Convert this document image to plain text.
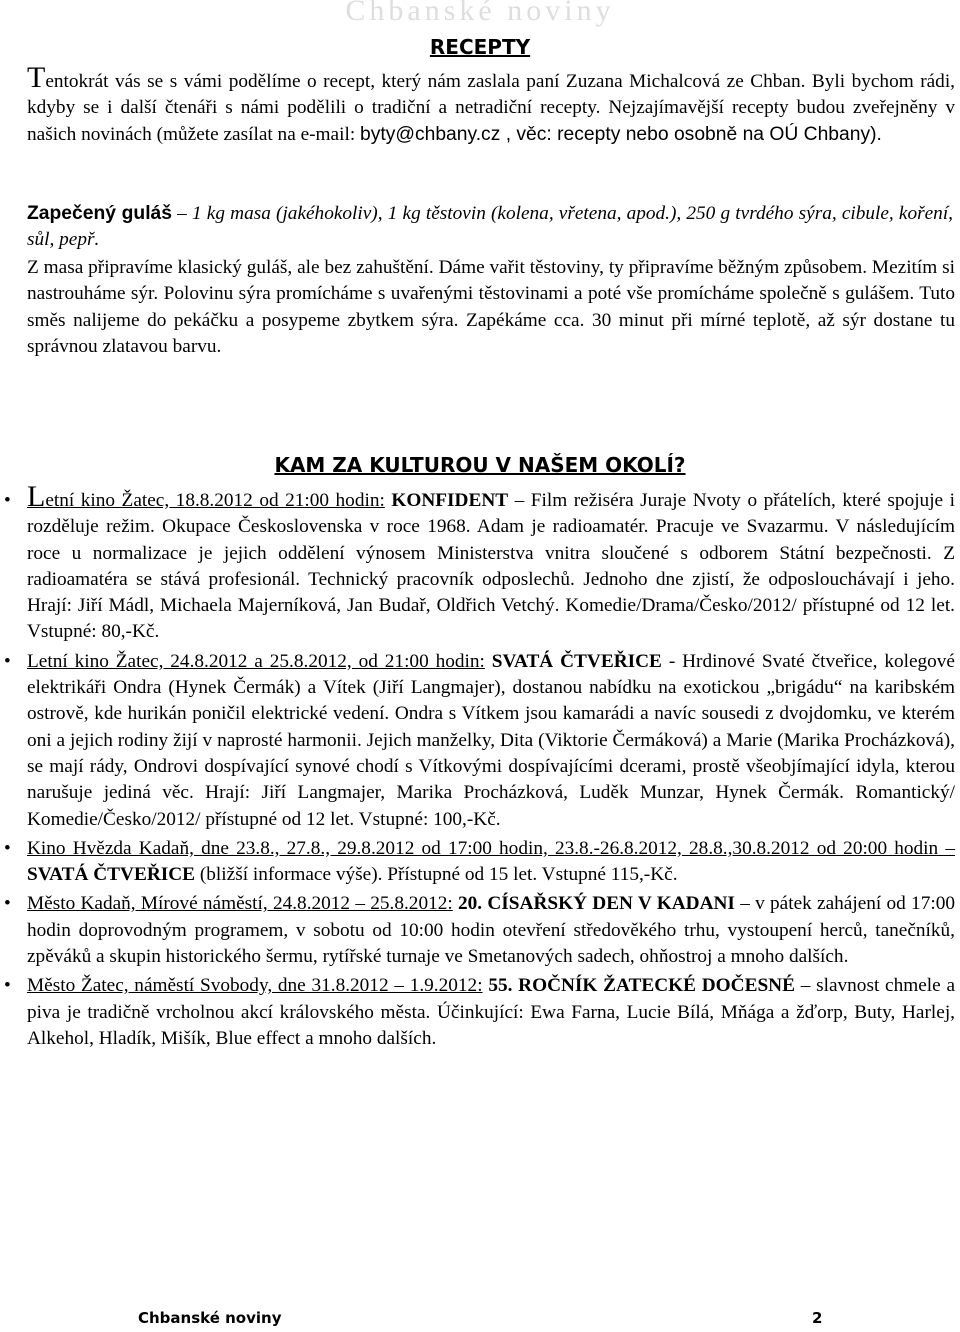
Chbanské noviny
RECEPTY

Tentokrát vás se s vámi podělíme o recept, který nám zaslala paní Zuzana Michalcová ze Chban. Byli bychom rádi, kdyby se i další čtenáři s námi podělili o tradiční a netradiční recepty. Nejzajímavější recepty budou zveřejněny v našich novinách (můžete zasílat na e-mail: byty@chbany.cz , věc: recepty nebo osobně na OÚ Chbany).

Zapečený guláš – 1 kg masa (jakéhokoliv), 1 kg těstovin (kolena, vřetena, apod.), 250 g tvrdého sýra, cibule, koření, sůl, pepř.

Z masa připravíme klasický guláš, ale bez zahuštění. Dáme vařit těstoviny, ty připravíme běžným způsobem. Mezitím si nastrouháme sýr. Polovinu sýra promícháme s uvařenými těstovinami a poté vše promícháme společně s gulášem. Tuto směs nalijeme do pekáčku a posypeme zbytkem sýra. Zapékáme cca. 30 minut při mírné teplotě, až sýr dostane tu správnou zlatavou barvu.

KAM ZA KULTUROU V NAŠEM OKOLÍ?
• Letní kino Žatec, 18.8.2012 od 21:00 hodin: KONFIDENT – Film režiséra Juraje Nvoty o přátelích, které spojuje i rozděluje režim. Okupace Československa v roce 1968. Adam je radioamatér. Pracuje ve Svazarmu. V následujícím roce u normalizace je jejich oddělení výnosem Ministerstva vnitra sloučené s odborem Státní bezpečnosti. Z radioamatéra se stává profesionál. Technický pracovník odposlechů. Jednoho dne zjistí, že odposlouchávají i jeho. Hrají: Jiří Mádl, Michaela Majerníková, Jan Budař, Oldřich Vetchý. Komedie/Drama/Česko/2012/ přístupné od 12 let. Vstupné: 80,-Kč.
• Letní kino Žatec, 24.8.2012 a 25.8.2012, od 21:00 hodin: SVATÁ ČTVEŘICE - Hrdinové Svaté čtveřice, kolegové elektrikáři Ondra (Hynek Čermák) a Vítek (Jiří Langmajer), dostanou nabídku na exotickou „brigádu“ na karibském ostrově, kde hurikán poničil elektrické vedení. Ondra s Vítkem jsou kamarádi a navíc sousedi z dvojdomku, ve kterém oni a jejich rodiny žijí v naprosté harmonii. Jejich manželky, Dita (Viktorie Čermáková) a Marie (Marika Procházková), se mají rády, Ondrovi dospívající synové chodí s Vítkovými dospívajícími dcerami, prostě všeobjímající idyla, kterou narušuje jediná věc. Hrají: Jiří Langmajer, Marika Procházková, Luděk Munzar, Hynek Čermák. Romantický/ Komedie/Česko/2012/ přístupné od 12 let. Vstupné: 100,-Kč.
• Kino Hvězda Kadaň, dne 23.8., 27.8., 29.8.2012 od 17:00 hodin, 23.8.-26.8.2012, 28.8.,30.8.2012 od 20:00 hodin – SVATÁ ČTVEŘICE (bližší informace výše). Přístupné od 15 let. Vstupné 115,-Kč.
• Město Kadaň, Mírové náměstí, 24.8.2012 – 25.8.2012: 20. CÍSAŘSKÝ DEN V KADANI – v pátek zahájení od 17:00 hodin doprovodným programem, v sobotu od 10:00 hodin otevření středověkého trhu, vystoupení herců, tanečníků, zpěváků a skupin historického šermu, rytířské turnaje ve Smetanových sadech, ohňostroj a mnoho dalších.
• Město Žatec, náměstí Svobody, dne 31.8.2012 – 1.9.2012: 55. ROČNÍK ŽATECKÉ DOČESNÉ – slavnost chmele a piva je tradičně vrcholnou akcí královského města. Účinkující: Ewa Farna, Lucie Bílá, Mňága a žďorp, Buty, Harlej, Alkehol, Hladík, Mišík, Blue effect a mnoho dalších.
Chbanské noviny	2
